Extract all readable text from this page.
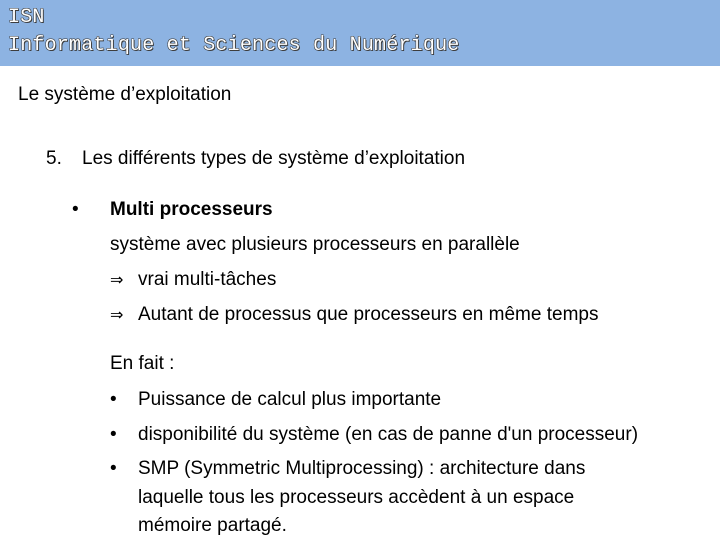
ISN
Informatique et Sciences du Numérique
Le système d’exploitation
5. Les différents types de système d’exploitation
• Multi processeurs
système avec plusieurs processeurs en parallèle
⇒ vrai multi-tâches
⇒ Autant de processus que processeurs en même temps
En fait :
• Puissance de calcul plus importante
• disponibilité du système (en cas de panne d'un processeur)
• SMP (Symmetric Multiprocessing) : architecture dans
laquelle tous les processeurs accèdent à un espace
mémoire partagé.
